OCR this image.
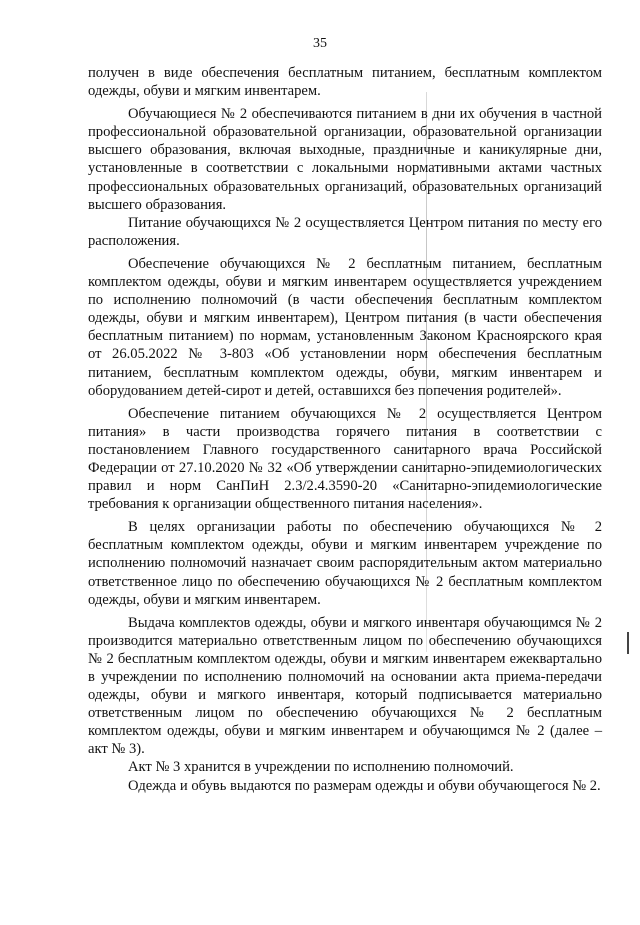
35

получен в виде обеспечения бесплатным питанием, бесплатным комплектом одежды, обуви и мягким инвентарем.

Обучающиеся № 2 обеспечиваются питанием в дни их обучения в частной профессиональной образовательной организации, образовательной организации высшего образования, включая выходные, праздничные и каникулярные дни, установленные в соответствии с локальными нормативными актами частных профессиональных образовательных организаций, образовательных организаций высшего образования.

Питание обучающихся № 2 осуществляется Центром питания по месту его расположения.

Обеспечение обучающихся № 2 бесплатным питанием, бесплатным комплектом одежды, обуви и мягким инвентарем осуществляется учреждением по исполнению полномочий (в части обеспечения бесплатным комплектом одежды, обуви и мягким инвентарем), Центром питания (в части обеспечения бесплатным питанием) по нормам, установленным Законом Красноярского края от 26.05.2022 № 3-803 «Об установлении норм обеспечения бесплатным питанием, бесплатным комплектом одежды, обуви, мягким инвентарем и оборудованием детей-сирот и детей, оставшихся без попечения родителей».

Обеспечение питанием обучающихся № 2 осуществляется Центром питания» в части производства горячего питания в соответствии с постановлением Главного государственного санитарного врача Российской Федерации от 27.10.2020 № 32 «Об утверждении санитарно-эпидемиологических правил и норм СанПиН 2.3/2.4.3590-20 «Санитарно-эпидемиологические требования к организации общественного питания населения».

В целях организации работы по обеспечению обучающихся № 2 бесплатным комплектом одежды, обуви и мягким инвентарем учреждение по исполнению полномочий назначает своим распорядительным актом материально ответственное лицо по обеспечению обучающихся № 2 бесплатным комплектом одежды, обуви и мягким инвентарем.

Выдача комплектов одежды, обуви и мягкого инвентаря обучающимся № 2 производится материально ответственным лицом по обеспечению обучающихся № 2 бесплатным комплектом одежды, обуви и мягким инвентарем ежеквартально в учреждении по исполнению полномочий на основании акта приема-передачи одежды, обуви и мягкого инвентаря, который подписывается материально ответственным лицом по обеспечению обучающихся № 2 бесплатным комплектом одежды, обуви и мягким инвентарем и обучающимся № 2 (далее – акт № 3).

Акт № 3 хранится в учреждении по исполнению полномочий.

Одежда и обувь выдаются по размерам одежды и обуви обучающегося № 2.
